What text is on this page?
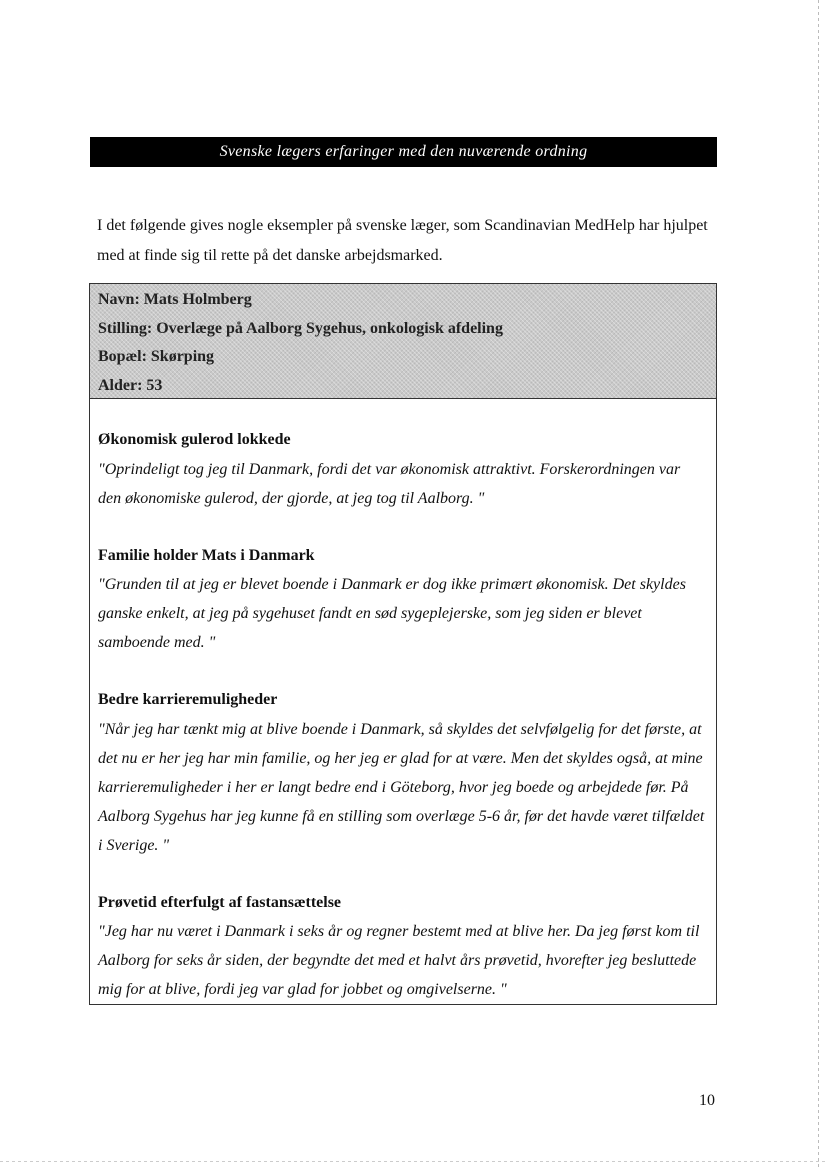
Svenske lægers erfaringer med den nuværende ordning

I det følgende gives nogle eksempler på svenske læger, som Scandinavian MedHelp har hjulpet med at finde sig til rette på det danske arbejdsmarked.

Navn: Mats Holmberg
Stilling: Overlæge på Aalborg Sygehus, onkologisk afdeling
Bopæl: Skørping
Alder: 53
Økonomisk gulerod lokkede
"Oprindeligt tog jeg til Danmark, fordi det var økonomisk attraktivt. Forskerordningen var den økonomiske gulerod, der gjorde, at jeg tog til Aalborg. "
Familie holder Mats i Danmark
"Grunden til at jeg er blevet boende i Danmark er dog ikke primært økonomisk. Det skyldes ganske enkelt, at jeg på sygehuset fandt en sød sygeplejerske, som jeg siden er blevet samboende med. "
Bedre karrieremuligheder
"Når jeg har tænkt mig at blive boende i Danmark, så skyldes det selvfølgelig for det første, at det nu er her jeg har min familie, og her jeg er glad for at være. Men det skyldes også, at mine karrieremuligheder i her er langt bedre end i Göteborg, hvor jeg boede og arbejdede før. På Aalborg Sygehus har jeg kunne få en stilling som overlæge 5-6 år, før det havde været tilfældet i Sverige. "
Prøvetid efterfulgt af fastansættelse
"Jeg har nu været i Danmark i seks år og regner bestemt med at blive her. Da jeg først kom til Aalborg for seks år siden, der begyndte det med et halvt års prøvetid, hvorefter jeg besluttede mig for at blive, fordi jeg var glad for jobbet og omgivelserne. "
10
